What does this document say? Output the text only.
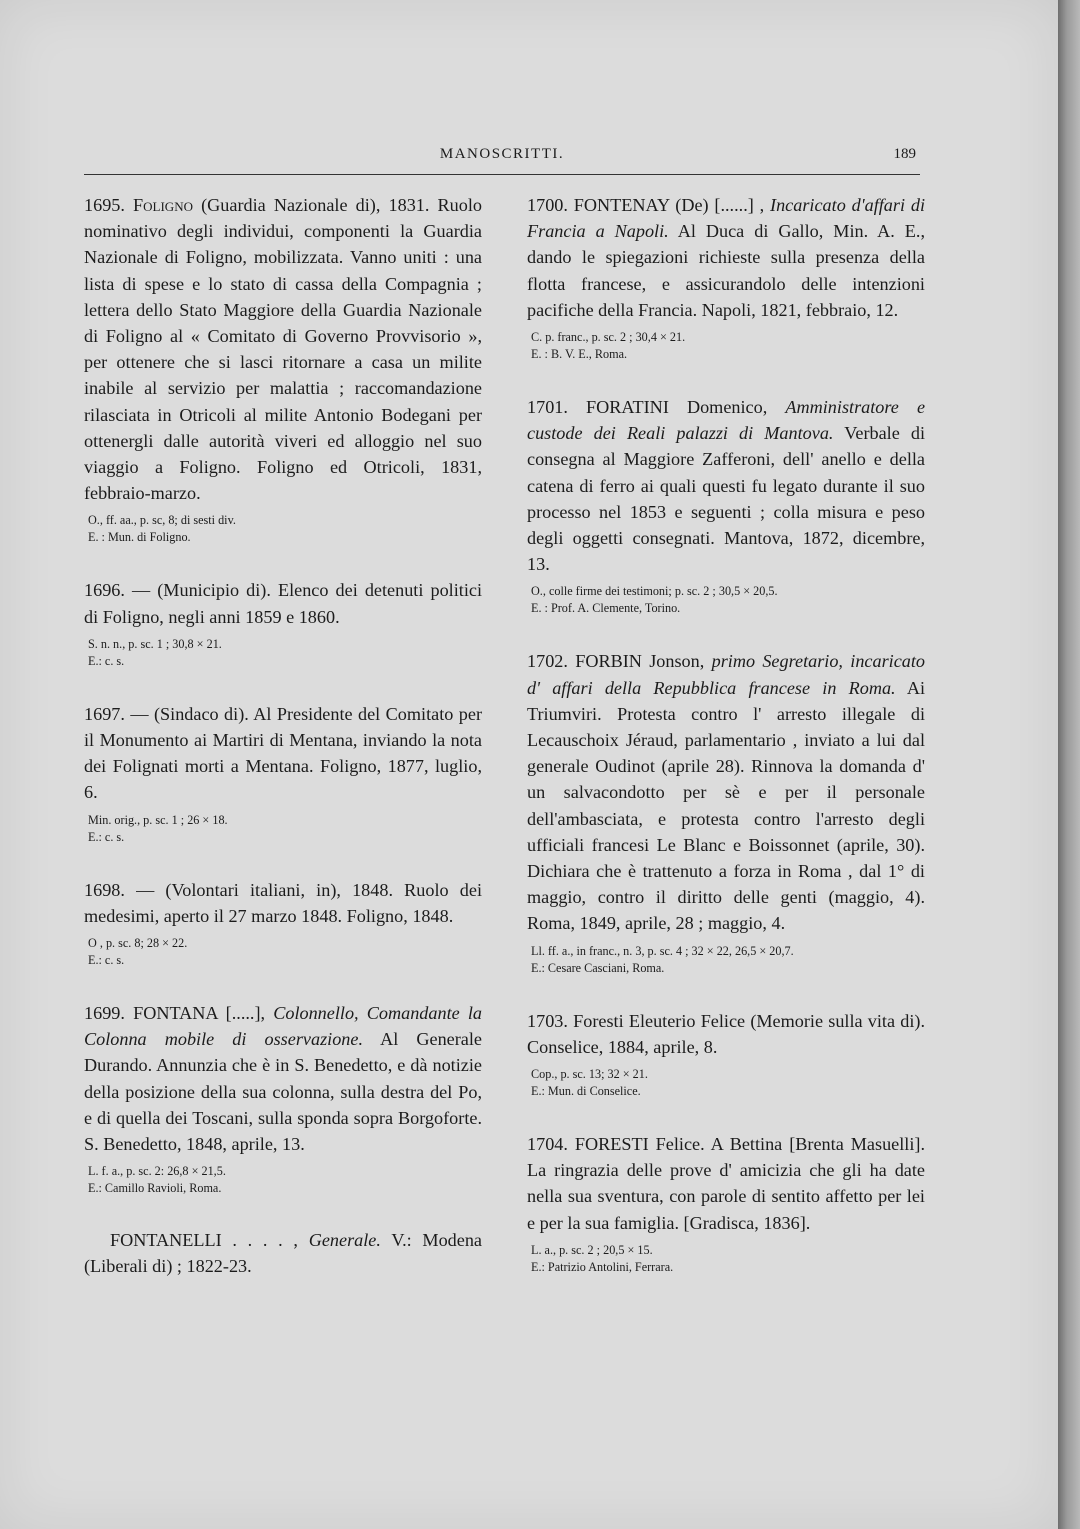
MANOSCRITTI.	189

1695. Foligno (Guardia Nazionale di), 1831. Ruolo nominativo degli individui, componenti la Guardia Nazionale di Foligno, mobilizzata. Vanno uniti : una lista di spese e lo stato di cassa della Compagnia ; lettera dello Stato Maggiore della Guardia Nazionale di Foligno al « Comitato di Governo Provvisorio », per ottenere che si lasci ritornare a casa un milite inabile al servizio per malattia ; raccomandazione rilasciata in Otricoli al milite Antonio Bodegani per ottenergli dalle autorità viveri ed alloggio nel suo viaggio a Foligno. Foligno ed Otricoli, 1831, febbraio-marzo.

O., ff. aa., p. sc, 8; di sesti div.

E. : Mun. di Foligno.

1696. — (Municipio di). Elenco dei detenuti politici di Foligno, negli anni 1859 e 1860.

S. n. n., p. sc. 1 ; 30,8 × 21.

E.: c. s.

1697. — (Sindaco di). Al Presidente del Comitato per il Monumento ai Martiri di Mentana, inviando la nota dei Folignati morti a Mentana. Foligno, 1877, luglio, 6.

Min. orig., p. sc. 1 ; 26 × 18.

E.: c. s.

1698. — (Volontari italiani, in), 1848. Ruolo dei medesimi, aperto il 27 marzo 1848. Foligno, 1848.

O , p. sc. 8; 28 × 22.

E.: c. s.

1699. FONTANA [.....], Colonnello, Comandante la Colonna mobile di osservazione. Al Generale Durando. Annunzia che è in S. Benedetto, e dà notizie della posizione della sua colonna, sulla destra del Po, e di quella dei Toscani, sulla sponda sopra Borgoforte. S. Benedetto, 1848, aprile, 13.

L. f. a., p. sc. 2: 26,8 × 21,5.

E.: Camillo Ravioli, Roma.

FONTANELLI . . . . , Generale. V.: Modena (Liberali di) ; 1822-23.

1700. FONTENAY (De) [......] , Incaricato d'affari di Francia a Napoli. Al Duca di Gallo, Min. A. E., dando le spiegazioni richieste sulla presenza della flotta francese, e assicurandolo delle intenzioni pacifiche della Francia. Napoli, 1821, febbraio, 12.

C. p. franc., p. sc. 2 ; 30,4 × 21.

E. : B. V. E., Roma.

1701. FORATINI Domenico, Amministratore e custode dei Reali palazzi di Mantova. Verbale di consegna al Maggiore Zafferoni, dell' anello e della catena di ferro ai quali questi fu legato durante il suo processo nel 1853 e seguenti ; colla misura e peso degli oggetti consegnati. Mantova, 1872, dicembre, 13.

O., colle firme dei testimoni; p. sc. 2 ; 30,5 × 20,5.

E. : Prof. A. Clemente, Torino.

1702. FORBIN Jonson, primo Segretario, incaricato d' affari della Repubblica francese in Roma. Ai Triumviri. Protesta contro l' arresto illegale di Lecauschoix Jéraud, parlamentario , inviato a lui dal generale Oudinot (aprile 28). Rinnova la domanda d' un salvacondotto per sè e per il personale dell'ambasciata, e protesta contro l'arresto degli ufficiali francesi Le Blanc e Boissonnet (aprile, 30). Dichiara che è trattenuto a forza in Roma , dal 1° di maggio, contro il diritto delle genti (maggio, 4). Roma, 1849, aprile, 28 ; maggio, 4.

Ll. ff. a., in franc., n. 3, p. sc. 4 ; 32 × 22, 26,5 × 20,7.

E.: Cesare Casciani, Roma.

1703. Foresti Eleuterio Felice (Memorie sulla vita di). Conselice, 1884, aprile, 8.

Cop., p. sc. 13; 32 × 21.

E.: Mun. di Conselice.

1704. FORESTI Felice. A Bettina [Brenta Masuelli]. La ringrazia delle prove d' amicizia che gli ha date nella sua sventura, con parole di sentito affetto per lei e per la sua famiglia. [Gradisca, 1836].

L. a., p. sc. 2 ; 20,5 × 15.

E.: Patrizio Antolini, Ferrara.
